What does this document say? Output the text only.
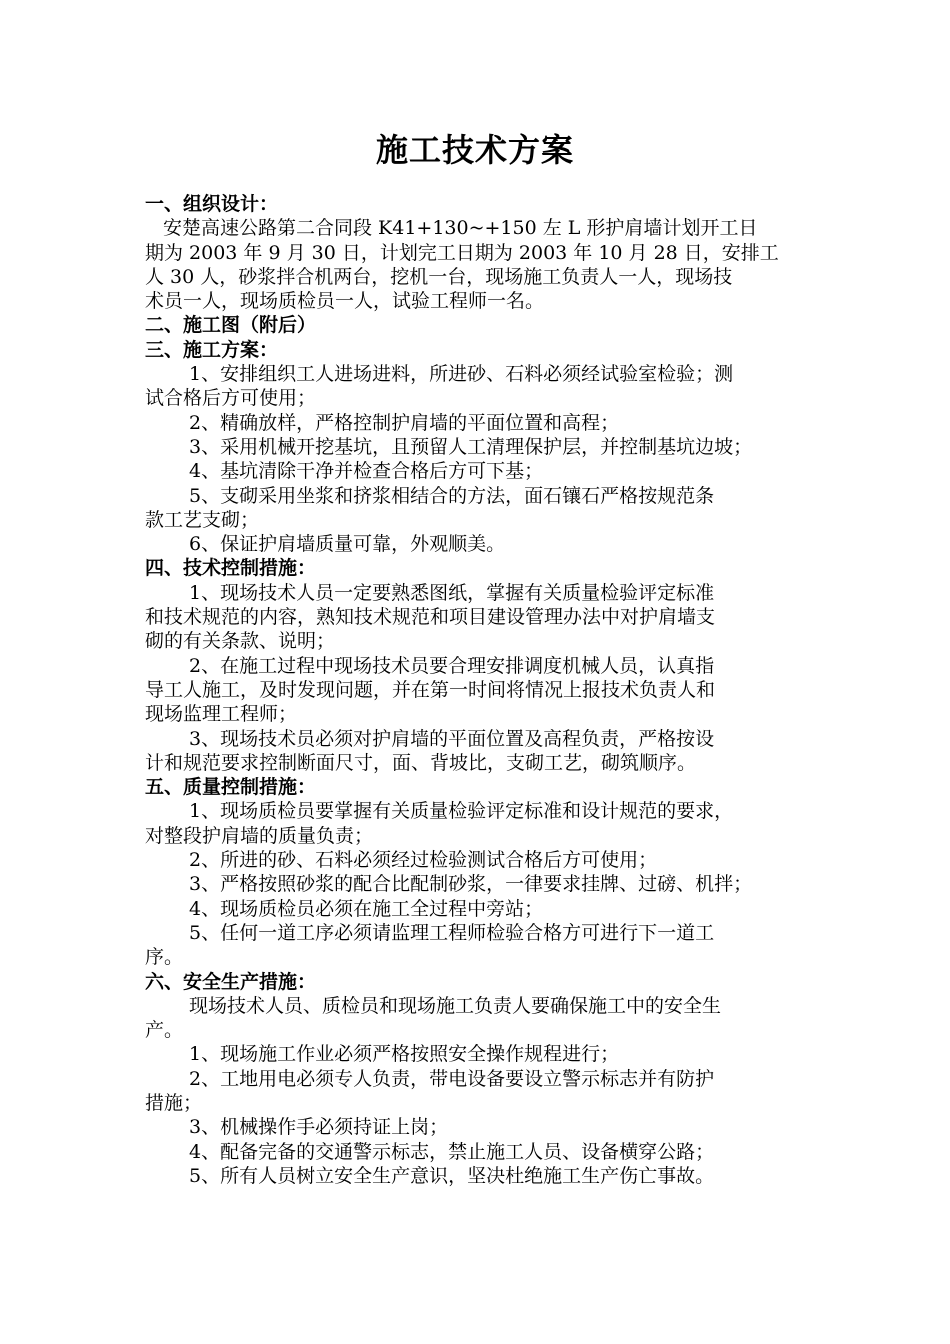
施工技术方案
一、组织设计：
安楚高速公路第二合同段 K41+130~+150 左 L 形护肩墙计划开工日
期为 2003 年 9 月 30 日，计划完工日期为 2003 年 10 月 28 日，安排工
人 30 人，砂浆拌合机两台，挖机一台，现场施工负责人一人，现场技
术员一人，现场质检员一人，试验工程师一名。
二、施工图（附后）
三、施工方案：
1、安排组织工人进场进料，所进砂、石料必须经试验室检验；测
试合格后方可使用；
2、精确放样，严格控制护肩墙的平面位置和高程；
3、采用机械开挖基坑，且预留人工清理保护层，并控制基坑边坡；
4、基坑清除干净并检查合格后方可下基；
5、支砌采用坐浆和挤浆相结合的方法，面石镶石严格按规范条
款工艺支砌；
6、保证护肩墙质量可靠，外观顺美。
四、技术控制措施：
1、现场技术人员一定要熟悉图纸，掌握有关质量检验评定标准
和技术规范的内容，熟知技术规范和项目建设管理办法中对护肩墙支
砌的有关条款、说明；
2、在施工过程中现场技术员要合理安排调度机械人员，认真指
导工人施工，及时发现问题，并在第一时间将情况上报技术负责人和
现场监理工程师；
3、现场技术员必须对护肩墙的平面位置及高程负责，严格按设
计和规范要求控制断面尺寸，面、背坡比，支砌工艺，砌筑顺序。
五、质量控制措施：
1、现场质检员要掌握有关质量检验评定标准和设计规范的要求，
对整段护肩墙的质量负责；
2、所进的砂、石料必须经过检验测试合格后方可使用；
3、严格按照砂浆的配合比配制砂浆，一律要求挂牌、过磅、机拌；
4、现场质检员必须在施工全过程中旁站；
5、任何一道工序必须请监理工程师检验合格方可进行下一道工
序。
六、安全生产措施：
现场技术人员、质检员和现场施工负责人要确保施工中的安全生
产。
1、现场施工作业必须严格按照安全操作规程进行；
2、工地用电必须专人负责，带电设备要设立警示标志并有防护
措施；
3、机械操作手必须持证上岗；
4、配备完备的交通警示标志，禁止施工人员、设备横穿公路；
5、所有人员树立安全生产意识，坚决杜绝施工生产伤亡事故。
